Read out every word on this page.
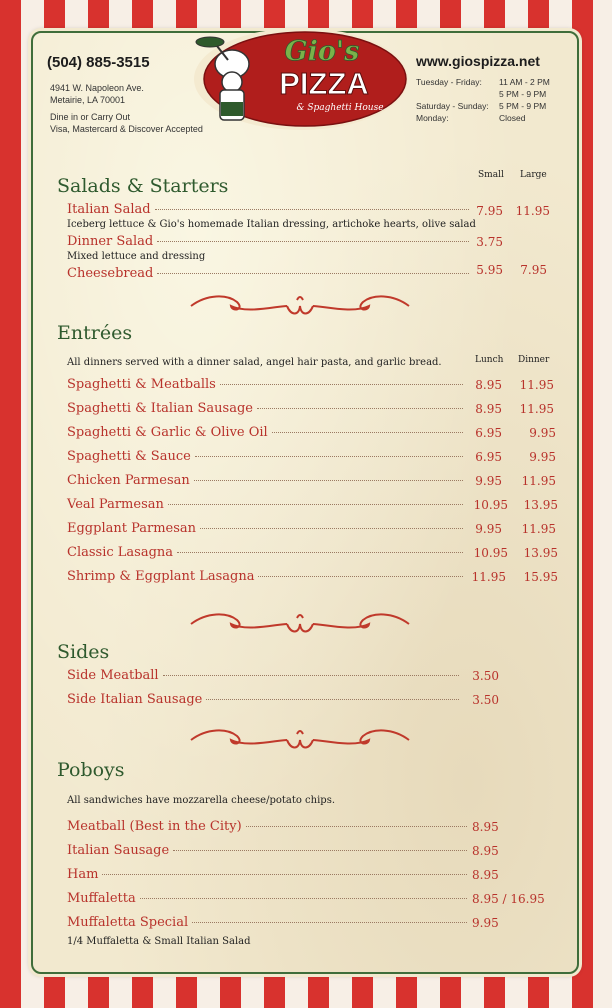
(504) 885-3515
4941 W. Napoleon Ave.
Metairie, LA 70001
Dine in or Carry Out
Visa, Mastercard & Discover Accepted
Gio's
PIZZA
& Spaghetti House
www.giospizza.net
Tuesday - Friday: 11 AM - 2 PM
5 PM - 9 PM
Saturday - Sunday: 5 PM - 9 PM
Monday:	Closed
Salads & Starters	Small Large
Italian Salad	7.95 11.95
Iceberg lettuce & Gio's homemade Italian dressing, artichoke hearts, olive salad
Dinner Salad	3.75
Mixed lettuce and dressing
Cheesebread	5.95	7.95
Entrées
All dinners served with a dinner salad, angel hair pasta, and garlic bread.	Lunch Dinner
Spaghetti & Meatballs	8.95	11.95
Spaghetti & Italian Sausage	8.95	11.95
Spaghetti & Garlic & Olive Oil	6.95	9.95
Spaghetti & Sauce	6.95	9.95
Chicken Parmesan	9.95	11.95
Veal Parmesan	10.95	13.95
Eggplant Parmesan	9.95	11.95
Classic Lasagna	10.95	13.95
Shrimp & Eggplant Lasagna	11.95	15.95
Sides
Side Meatball	3.50
Side Italian Sausage	3.50
Poboys
All sandwiches have mozzarella cheese/potato chips.
Meatball (Best in the City)	8.95
Italian Sausage	8.95
Ham	8.95
Muffaletta	8.95 / 16.95
Muffaletta Special	9.95
1/4 Muffaletta & Small Italian Salad
